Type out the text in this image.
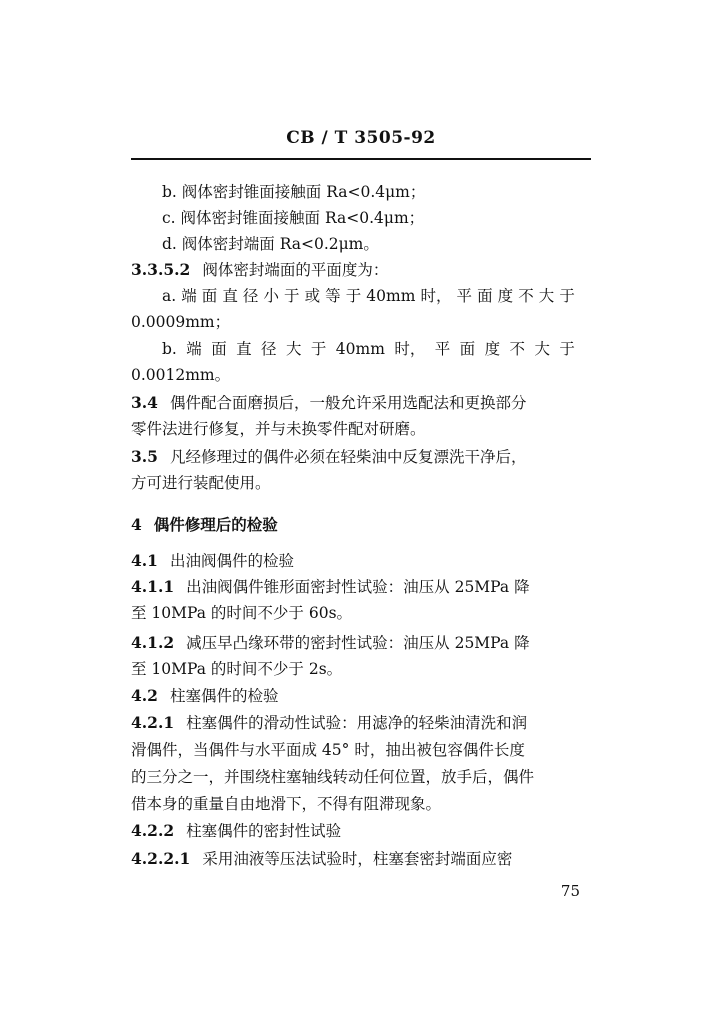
CB / T 3505-92
b. 阀体密封锥面接触面 Ra<0.4μm；
c. 阀体密封锥面接触面 Ra<0.4μm；
d. 阀体密封端面 Ra<0.2μm。
3.3.5.2 阀体密封端面的平面度为：
a. 端 面 直 径 小 于 或 等 于 40mm 时， 平 面 度 不 大 于
0.0009mm；
b. 端 面 直 径 大 于 40mm 时， 平 面 度 不 大 于
0.0012mm。
3.4 偶件配合面磨损后，一般允许采用选配法和更换部分
零件法进行修复，并与未换零件配对研磨。
3.5 凡经修理过的偶件必须在轻柴油中反复漂洗干净后，
方可进行装配使用。
4 偶件修理后的检验
4.1 出油阀偶件的检验
4.1.1 出油阀偶件锥形面密封性试验：油压从 25MPa 降
至 10MPa 的时间不少于 60s。
4.1.2 减压早凸缘环带的密封性试验：油压从 25MPa 降
至 10MPa 的时间不少于 2s。
4.2 柱塞偶件的检验
4.2.1 柱塞偶件的滑动性试验：用滤净的轻柴油清洗和润
滑偶件，当偶件与水平面成 45° 时，抽出被包容偶件长度
的三分之一，并围绕柱塞轴线转动任何位置，放手后，偶件
借本身的重量自由地滑下，不得有阻滞现象。
4.2.2 柱塞偶件的密封性试验
4.2.2.1 采用油液等压法试验时，柱塞套密封端面应密
75
